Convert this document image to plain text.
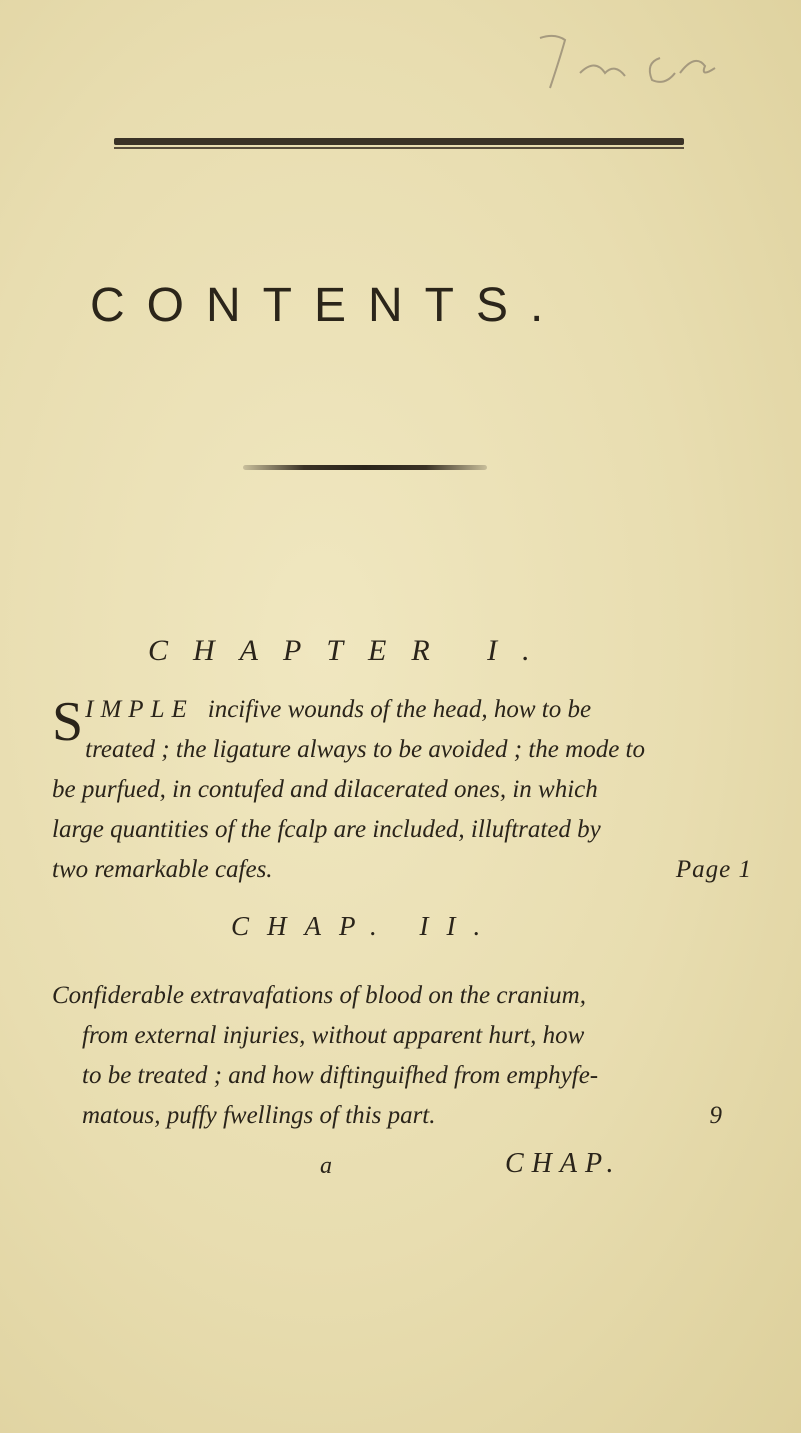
CONTENTS.
CHAPTER I.
S IMPLE incifive wounds of the head, how to be
treated ; the ligature always to be avoided ; the mode to
be purfued, in contufed and dilacerated ones, in which
large quantities of the fcalp are included, illuftrated by
two remarkable cafes.	Page 1
CHAP. II.
Confiderable extravafations of blood on the cranium,
from external injuries, without apparent hurt, how
to be treated ; and how diftinguifhed from emphyfe-
matous, puffy fwellings of this part.	9
a	CHAP.
